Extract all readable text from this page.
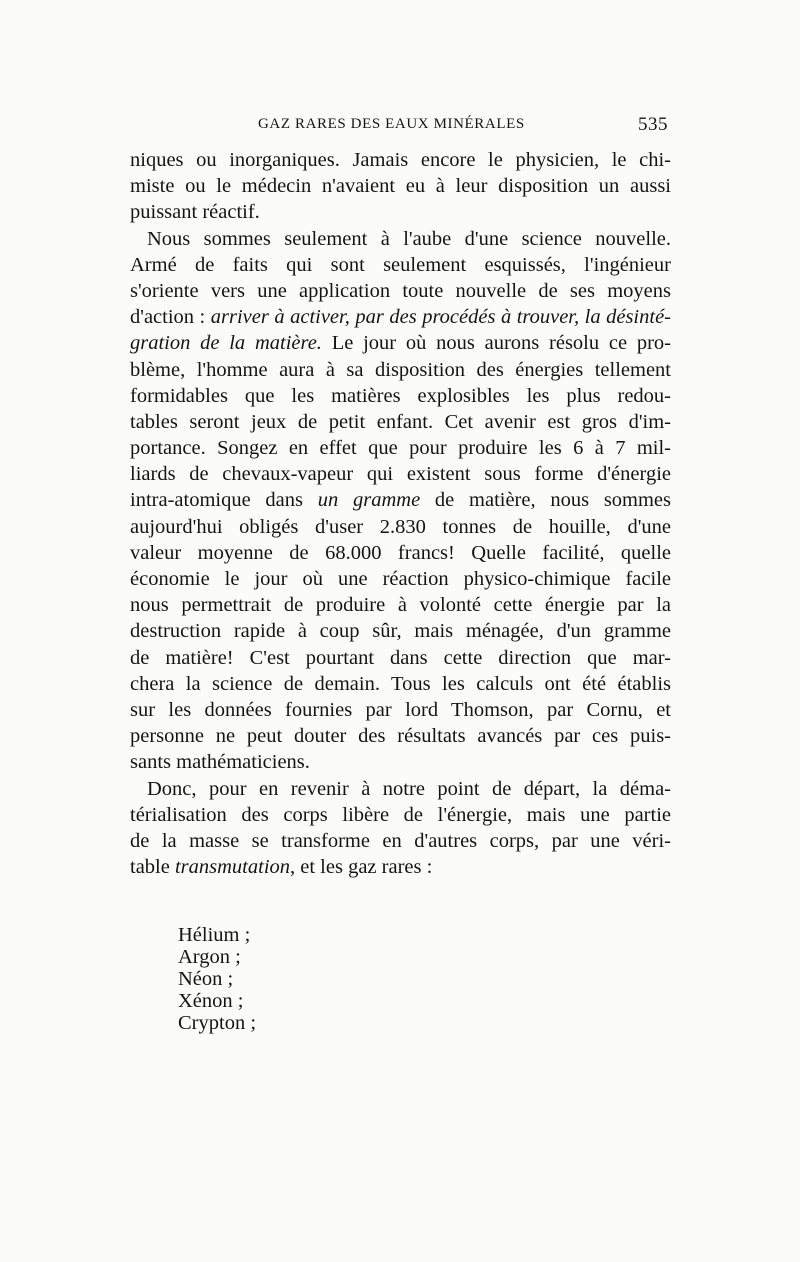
GAZ RARES DES EAUX MINÉRALES	535
niques ou inorganiques. Jamais encore le physicien, le chi-
miste ou le médecin n'avaient eu à leur disposition un aussi
puissant réactif.
Nous sommes seulement à l'aube d'une science nouvelle.
Armé de faits qui sont seulement esquissés, l'ingénieur
s'oriente vers une application toute nouvelle de ses moyens
d'action : arriver à activer, par des procédés à trouver, la désinté-
gration de la matière. Le jour où nous aurons résolu ce pro-
blème, l'homme aura à sa disposition des énergies tellement
formidables que les matières explosibles les plus redou-
tables seront jeux de petit enfant. Cet avenir est gros d'im-
portance. Songez en effet que pour produire les 6 à 7 mil-
liards de chevaux-vapeur qui existent sous forme d'énergie
intra-atomique dans un gramme de matière, nous sommes
aujourd'hui obligés d'user 2.830 tonnes de houille, d'une
valeur moyenne de 68.000 francs! Quelle facilité, quelle
économie le jour où une réaction physico-chimique facile
nous permettrait de produire à volonté cette énergie par la
destruction rapide à coup sûr, mais ménagée, d'un gramme
de matière! C'est pourtant dans cette direction que mar-
chera la science de demain. Tous les calculs ont été établis
sur les données fournies par lord Thomson, par Cornu, et
personne ne peut douter des résultats avancés par ces puis-
sants mathématiciens.
Donc, pour en revenir à notre point de départ, la déma-
térialisation des corps libère de l'énergie, mais une partie
de la masse se transforme en d'autres corps, par une véri-
table transmutation, et les gaz rares :
Hélium ;
Argon ;
Néon ;
Xénon ;
Crypton ;
